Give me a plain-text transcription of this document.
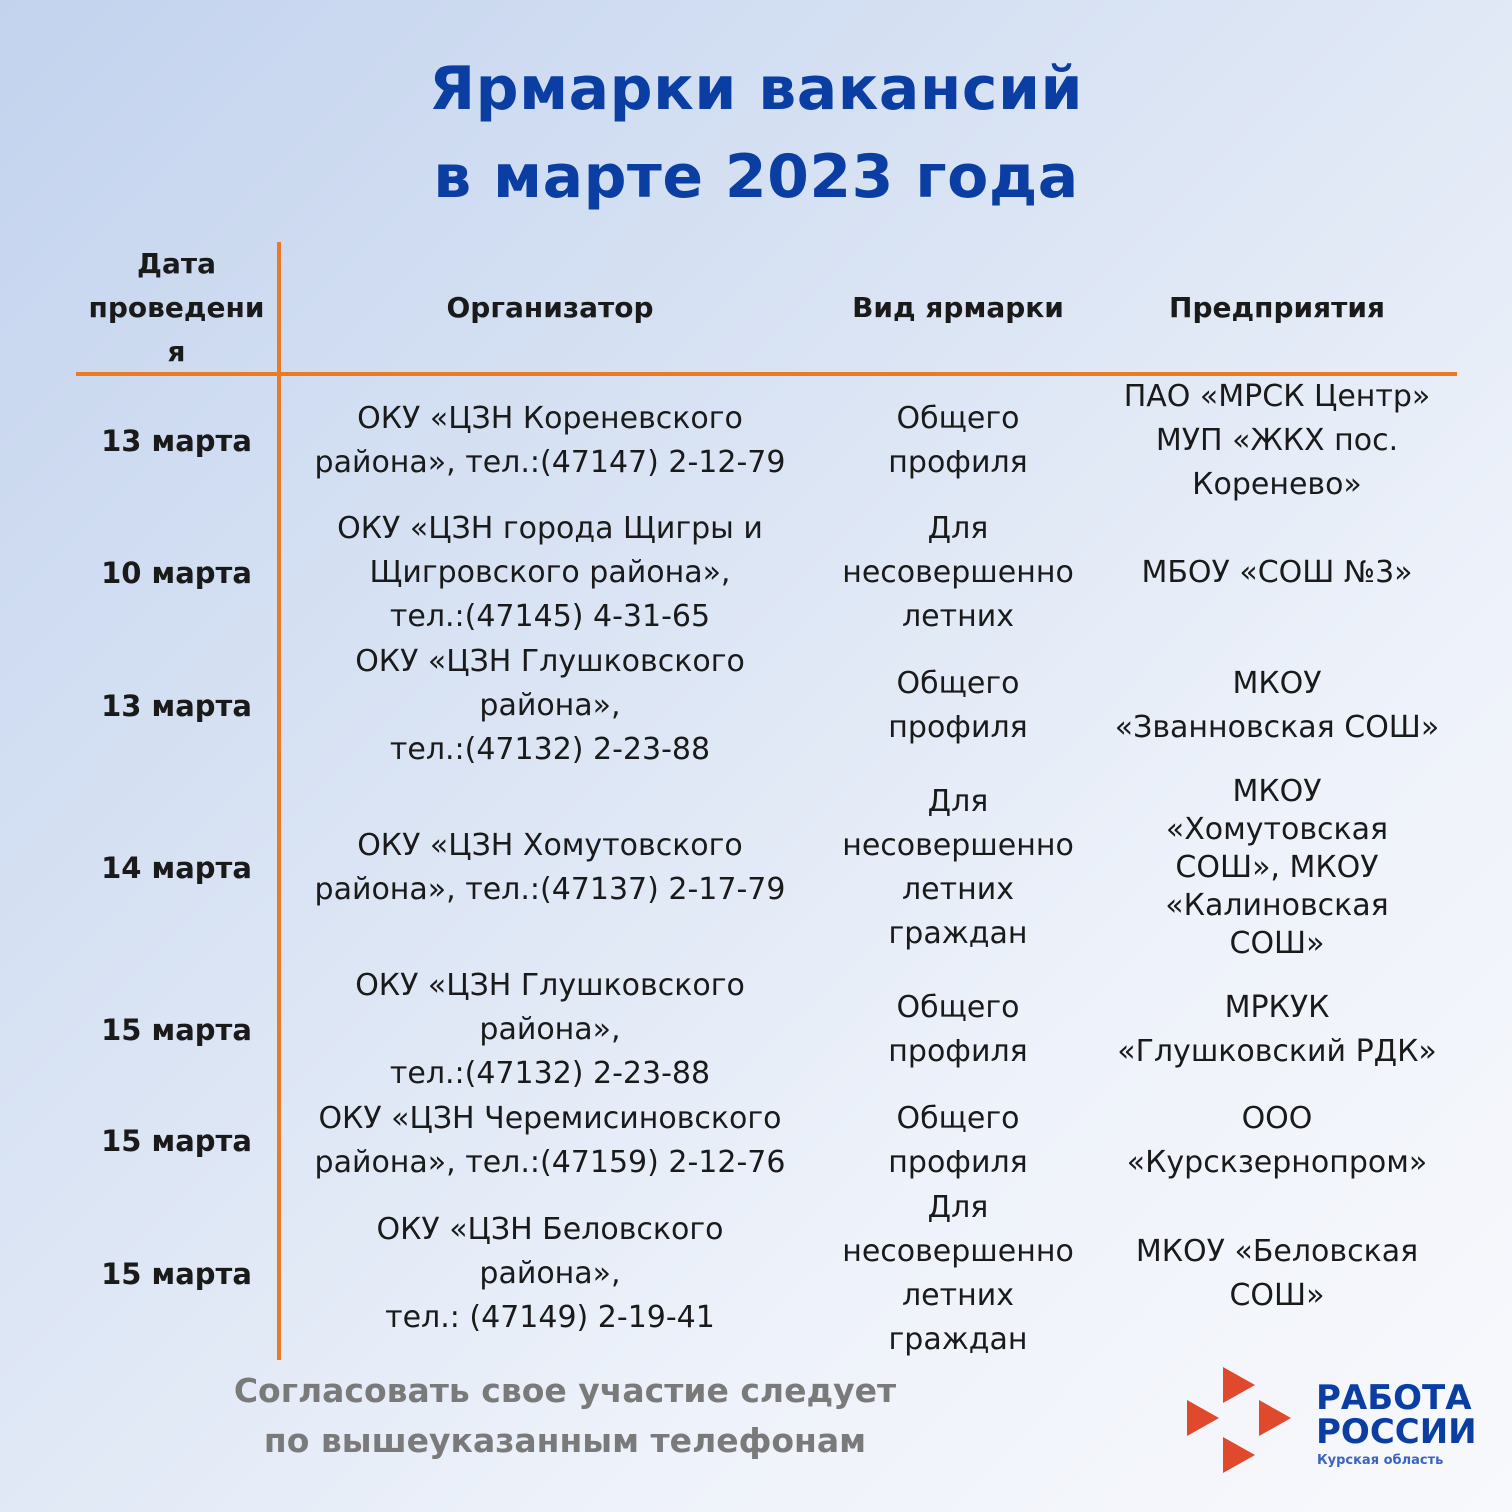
Ярмарки вакансий
в марте 2023 года
Дата
проведени
я
Организатор	Вид ярмарки	Предприятия
13 марта
ОКУ «ЦЗН Кореневского
района», тел.:(47147) 2-12-79
Общего
профиля
ПАО «МРСК Центр»
МУП «ЖКХ пос.
Коренево»
10 марта
ОКУ «ЦЗН города Щигры и
Щигровского района»,
тел.:(47145) 4-31-65
Для
несовершенно
летних
МБОУ «СОШ №3»
13 марта
ОКУ «ЦЗН Глушковского
района»,
тел.:(47132) 2-23-88
Общего
профиля
МКОУ
«Званновская СОШ»
14 марта
ОКУ «ЦЗН Хомутовского
района», тел.:(47137) 2-17-79
Для
несовершенно
летних
граждан
МКОУ
«Хомутовская
СОШ», МКОУ
«Калиновская
СОШ»
15 марта
ОКУ «ЦЗН Глушковского
района»,
тел.:(47132) 2-23-88
Общего
профиля
МРКУК
«Глушковский РДК»
15 марта
ОКУ «ЦЗН Черемисиновского
района», тел.:(47159) 2-12-76
Общего
профиля
ООО
«Курскзернопром»
15 марта
ОКУ «ЦЗН Беловского
района»,
тел.: (47149) 2-19-41
Для
несовершенно
летних
граждан
МКОУ «Беловская
СОШ»
Согласовать свое участие следует
по вышеуказанным телефонам
РАБОТА
РОССИИ
Курская область
